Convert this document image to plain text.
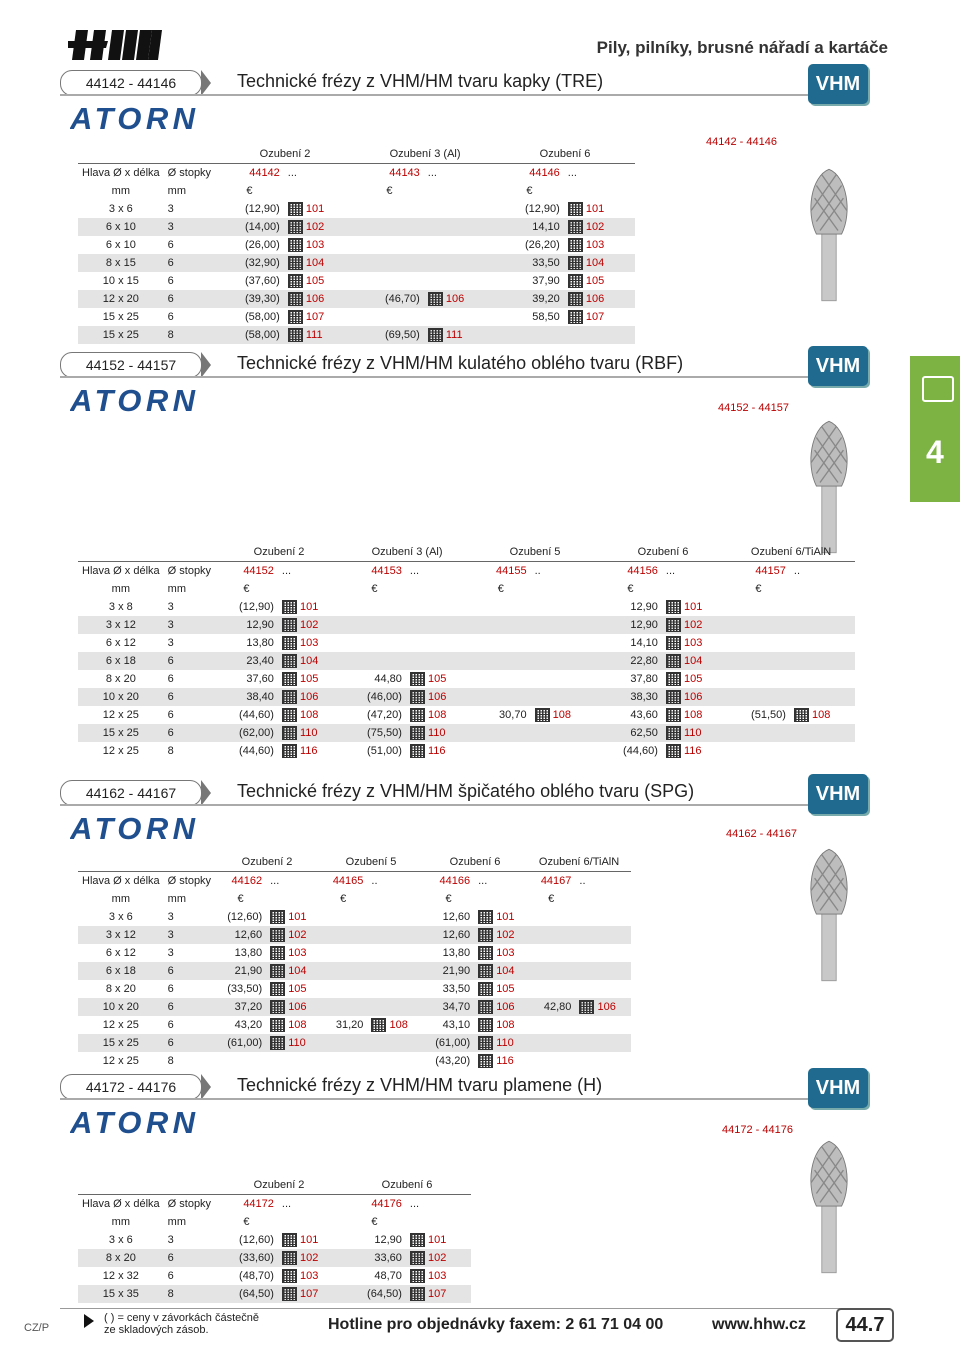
Pily, pilníky, brusné nářadí a kartáče
4
44142 - 44146	Technické frézy z VHM/HM tvaru kapky (TRE)	VHM
ATORN
44142 - 44146
		Ozubení 2		Ozubení 3 (Al)		Ozubení 6	
Hlava Ø x délka	Ø stopky	44142	...	44143	...	44146	...
mm	mm	€		€		€	
3 x 6	3	(12,90)	101			(12,90)	101
6 x 10	3	(14,00)	102			14,10	102
6 x 10	6	(26,00)	103			(26,20)	103
8 x 15	6	(32,90)	104			33,50	104
10 x 15	6	(37,60)	105			37,90	105
12 x 20	6	(39,30)	106	(46,70)	106	39,20	106
15 x 25	6	(58,00)	107			58,50	107
15 x 25	8	(58,00)	111	(69,50)	111		
44152 - 44157	Technické frézy z VHM/HM kulatého oblého tvaru (RBF)	VHM
ATORN	44152 - 44157
		Ozubení 2		Ozubení 3 (Al)		Ozubení 5		Ozubení 6		Ozubení 6/TiAlN	
Hlava Ø x délka	Ø stopky	44152	...	44153	...	44155	..	44156	...	44157	..
mm	mm	€		€		€		€		€	
3 x 8	3	(12,90)	101					12,90	101		
3 x 12	3	12,90	102					12,90	102		
6 x 12	3	13,80	103					14,10	103		
6 x 18	6	23,40	104					22,80	104		
8 x 20	6	37,60	105	44,80	105			37,80	105		
10 x 20	6	38,40	106	(46,00)	106			38,30	106		
12 x 25	6	(44,60)	108	(47,20)	108	30,70	108	43,60	108	(51,50)	108
15 x 25	6	(62,00)	110	(75,50)	110			62,50	110		
12 x 25	8	(44,60)	116	(51,00)	116			(44,60)	116		
44162 - 44167	Technické frézy z VHM/HM špičatého oblého tvaru (SPG)	VHM
ATORN	44162 - 44167
		Ozubení 2		Ozubení 5		Ozubení 6		Ozubení 6/TiAlN	
Hlava Ø x délka	Ø stopky	44162	...	44165	..	44166	...	44167	..
mm	mm	€		€		€		€	
3 x 6	3	(12,60)	101			12,60	101		
3 x 12	3	12,60	102			12,60	102		
6 x 12	3	13,80	103			13,80	103		
6 x 18	6	21,90	104			21,90	104		
8 x 20	6	(33,50)	105			33,50	105		
10 x 20	6	37,20	106			34,70	106	42,80	106
12 x 25	6	43,20	108	31,20	108	43,10	108		
15 x 25	6	(61,00)	110			(61,00)	110		
12 x 25	8					(43,20)	116		
44172 - 44176	Technické frézy z VHM/HM tvaru plamene (H)	VHM
ATORN	44172 - 44176
		Ozubení 2		Ozubení 6	
Hlava Ø x délka	Ø stopky	44172	...	44176	...
mm	mm	€		€	
3 x 6	3	(12,60)	101	12,90	101
8 x 20	6	(33,60)	102	33,60	102
12 x 32	6	(48,70)	103	48,70	103
15 x 35	8	(64,50)	107	(64,50)	107
CZ/P
( ) = ceny v závorkách částečně
ze skladových zásob.	Hotline pro objednávky faxem: 2 61 71 04 00	www.hhw.cz	44.7
